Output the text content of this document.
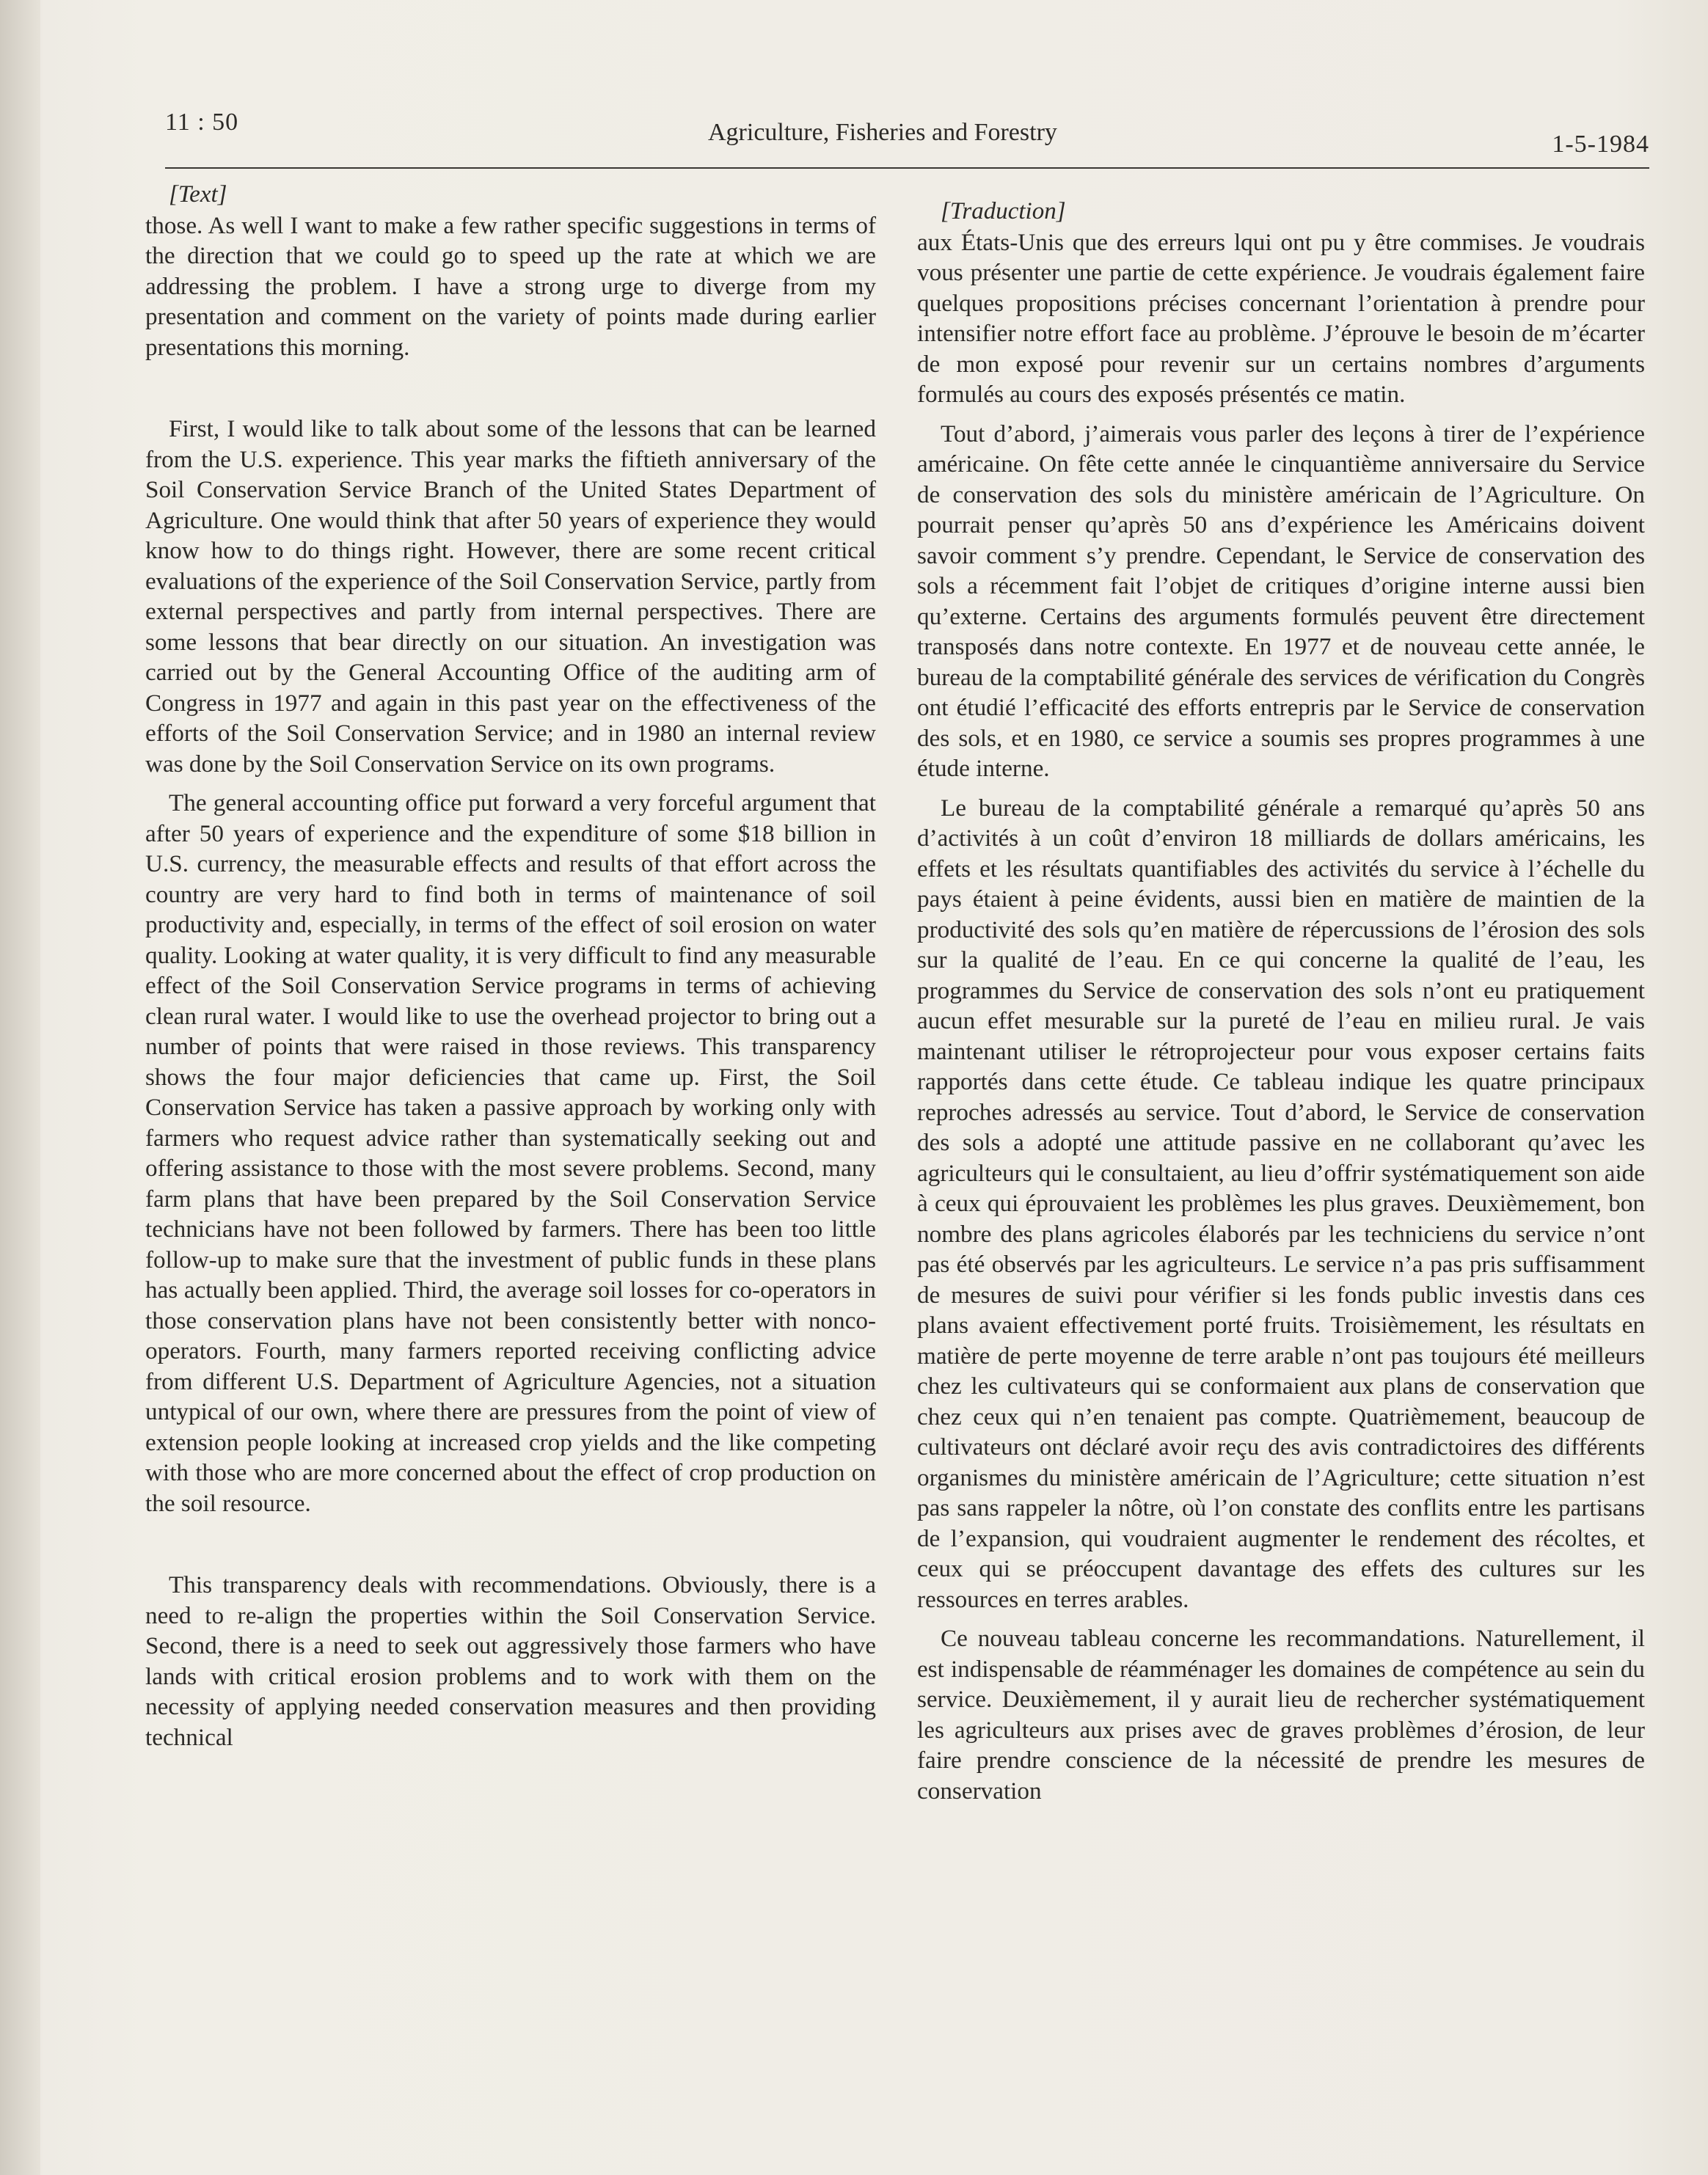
11 : 50	Agriculture, Fisheries and Forestry	1-5-1984
[Text]

those. As well I want to make a few rather specific suggestions in terms of the direction that we could go to speed up the rate at which we are addressing the problem. I have a strong urge to diverge from my presentation and comment on the variety of points made during earlier presentations this morning.

First, I would like to talk about some of the lessons that can be learned from the U.S. experience. This year marks the fiftieth anniversary of the Soil Conservation Service Branch of the United States Department of Agriculture. One would think that after 50 years of experience they would know how to do things right. However, there are some recent critical evaluations of the experience of the Soil Conservation Service, partly from external perspectives and partly from internal perspectives. There are some lessons that bear directly on our situation. An investigation was carried out by the General Accounting Office of the auditing arm of Congress in 1977 and again in this past year on the effectiveness of the efforts of the Soil Conservation Service; and in 1980 an internal review was done by the Soil Conservation Service on its own programs.

The general accounting office put forward a very forceful argument that after 50 years of experience and the expenditure of some $18 billion in U.S. currency, the measurable effects and results of that effort across the country are very hard to find both in terms of maintenance of soil productivity and, especially, in terms of the effect of soil erosion on water quality. Looking at water quality, it is very difficult to find any measurable effect of the Soil Conservation Service programs in terms of achieving clean rural water. I would like to use the overhead projector to bring out a number of points that were raised in those reviews. This transparency shows the four major deficiencies that came up. First, the Soil Conservation Service has taken a passive approach by working only with farmers who request advice rather than systematically seeking out and offering assistance to those with the most severe problems. Second, many farm plans that have been prepared by the Soil Conservation Service technicians have not been followed by farmers. There has been too little follow-up to make sure that the investment of public funds in these plans has actually been applied. Third, the average soil losses for co-operators in those conservation plans have not been consistently better with nonco-operators. Fourth, many farmers reported receiving conflicting advice from different U.S. Department of Agriculture Agencies, not a situation untypical of our own, where there are pressures from the point of view of extension people looking at increased crop yields and the like competing with those who are more concerned about the effect of crop production on the soil resource.

This transparency deals with recommendations. Obviously, there is a need to re-align the properties within the Soil Conservation Service. Second, there is a need to seek out aggressively those farmers who have lands with critical erosion problems and to work with them on the necessity of applying needed conservation measures and then providing technical

[Traduction]

aux États-Unis que des erreurs lqui ont pu y être commises. Je voudrais vous présenter une partie de cette expérience. Je voudrais également faire quelques propositions précises concernant l’orientation à prendre pour intensifier notre effort face au problème. J’éprouve le besoin de m’écarter de mon exposé pour revenir sur un certains nombres d’arguments formulés au cours des exposés présentés ce matin.

Tout d’abord, j’aimerais vous parler des leçons à tirer de l’expérience américaine. On fête cette année le cinquantième anniversaire du Service de conservation des sols du ministère américain de l’Agriculture. On pourrait penser qu’après 50 ans d’expérience les Américains doivent savoir comment s’y prendre. Cependant, le Service de conservation des sols a récemment fait l’objet de critiques d’origine interne aussi bien qu’externe. Certains des arguments formulés peuvent être directement transposés dans notre contexte. En 1977 et de nouveau cette année, le bureau de la comptabilité générale des services de vérification du Congrès ont étudié l’efficacité des efforts entrepris par le Service de conservation des sols, et en 1980, ce service a soumis ses propres programmes à une étude interne.

Le bureau de la comptabilité générale a remarqué qu’après 50 ans d’activités à un coût d’environ 18 milliards de dollars américains, les effets et les résultats quantifiables des activités du service à l’échelle du pays étaient à peine évidents, aussi bien en matière de maintien de la productivité des sols qu’en matière de répercussions de l’érosion des sols sur la qualité de l’eau. En ce qui concerne la qualité de l’eau, les programmes du Service de conservation des sols n’ont eu pratiquement aucun effet mesurable sur la pureté de l’eau en milieu rural. Je vais maintenant utiliser le rétroprojecteur pour vous exposer certains faits rapportés dans cette étude. Ce tableau indique les quatre principaux reproches adressés au service. Tout d’abord, le Service de conservation des sols a adopté une attitude passive en ne collaborant qu’avec les agriculteurs qui le consultaient, au lieu d’offrir systématiquement son aide à ceux qui éprouvaient les problèmes les plus graves. Deuxièmement, bon nombre des plans agricoles élaborés par les techniciens du service n’ont pas été observés par les agriculteurs. Le service n’a pas pris suffisamment de mesures de suivi pour vérifier si les fonds public investis dans ces plans avaient effectivement porté fruits. Troisièmement, les résultats en matière de perte moyenne de terre arable n’ont pas toujours été meilleurs chez les cultivateurs qui se conformaient aux plans de conservation que chez ceux qui n’en tenaient pas compte. Quatrièmement, beaucoup de cultivateurs ont déclaré avoir reçu des avis contradictoires des différents organismes du ministère américain de l’Agriculture; cette situation n’est pas sans rappeler la nôtre, où l’on constate des conflits entre les partisans de l’expansion, qui voudraient augmenter le rendement des récoltes, et ceux qui se préoccupent davantage des effets des cultures sur les ressources en terres arables.

Ce nouveau tableau concerne les recommandations. Naturellement, il est indispensable de réamménager les domaines de compétence au sein du service. Deuxièmement, il y aurait lieu de rechercher systématiquement les agriculteurs aux prises avec de graves problèmes d’érosion, de leur faire prendre conscience de la nécessité de prendre les mesures de conservation
